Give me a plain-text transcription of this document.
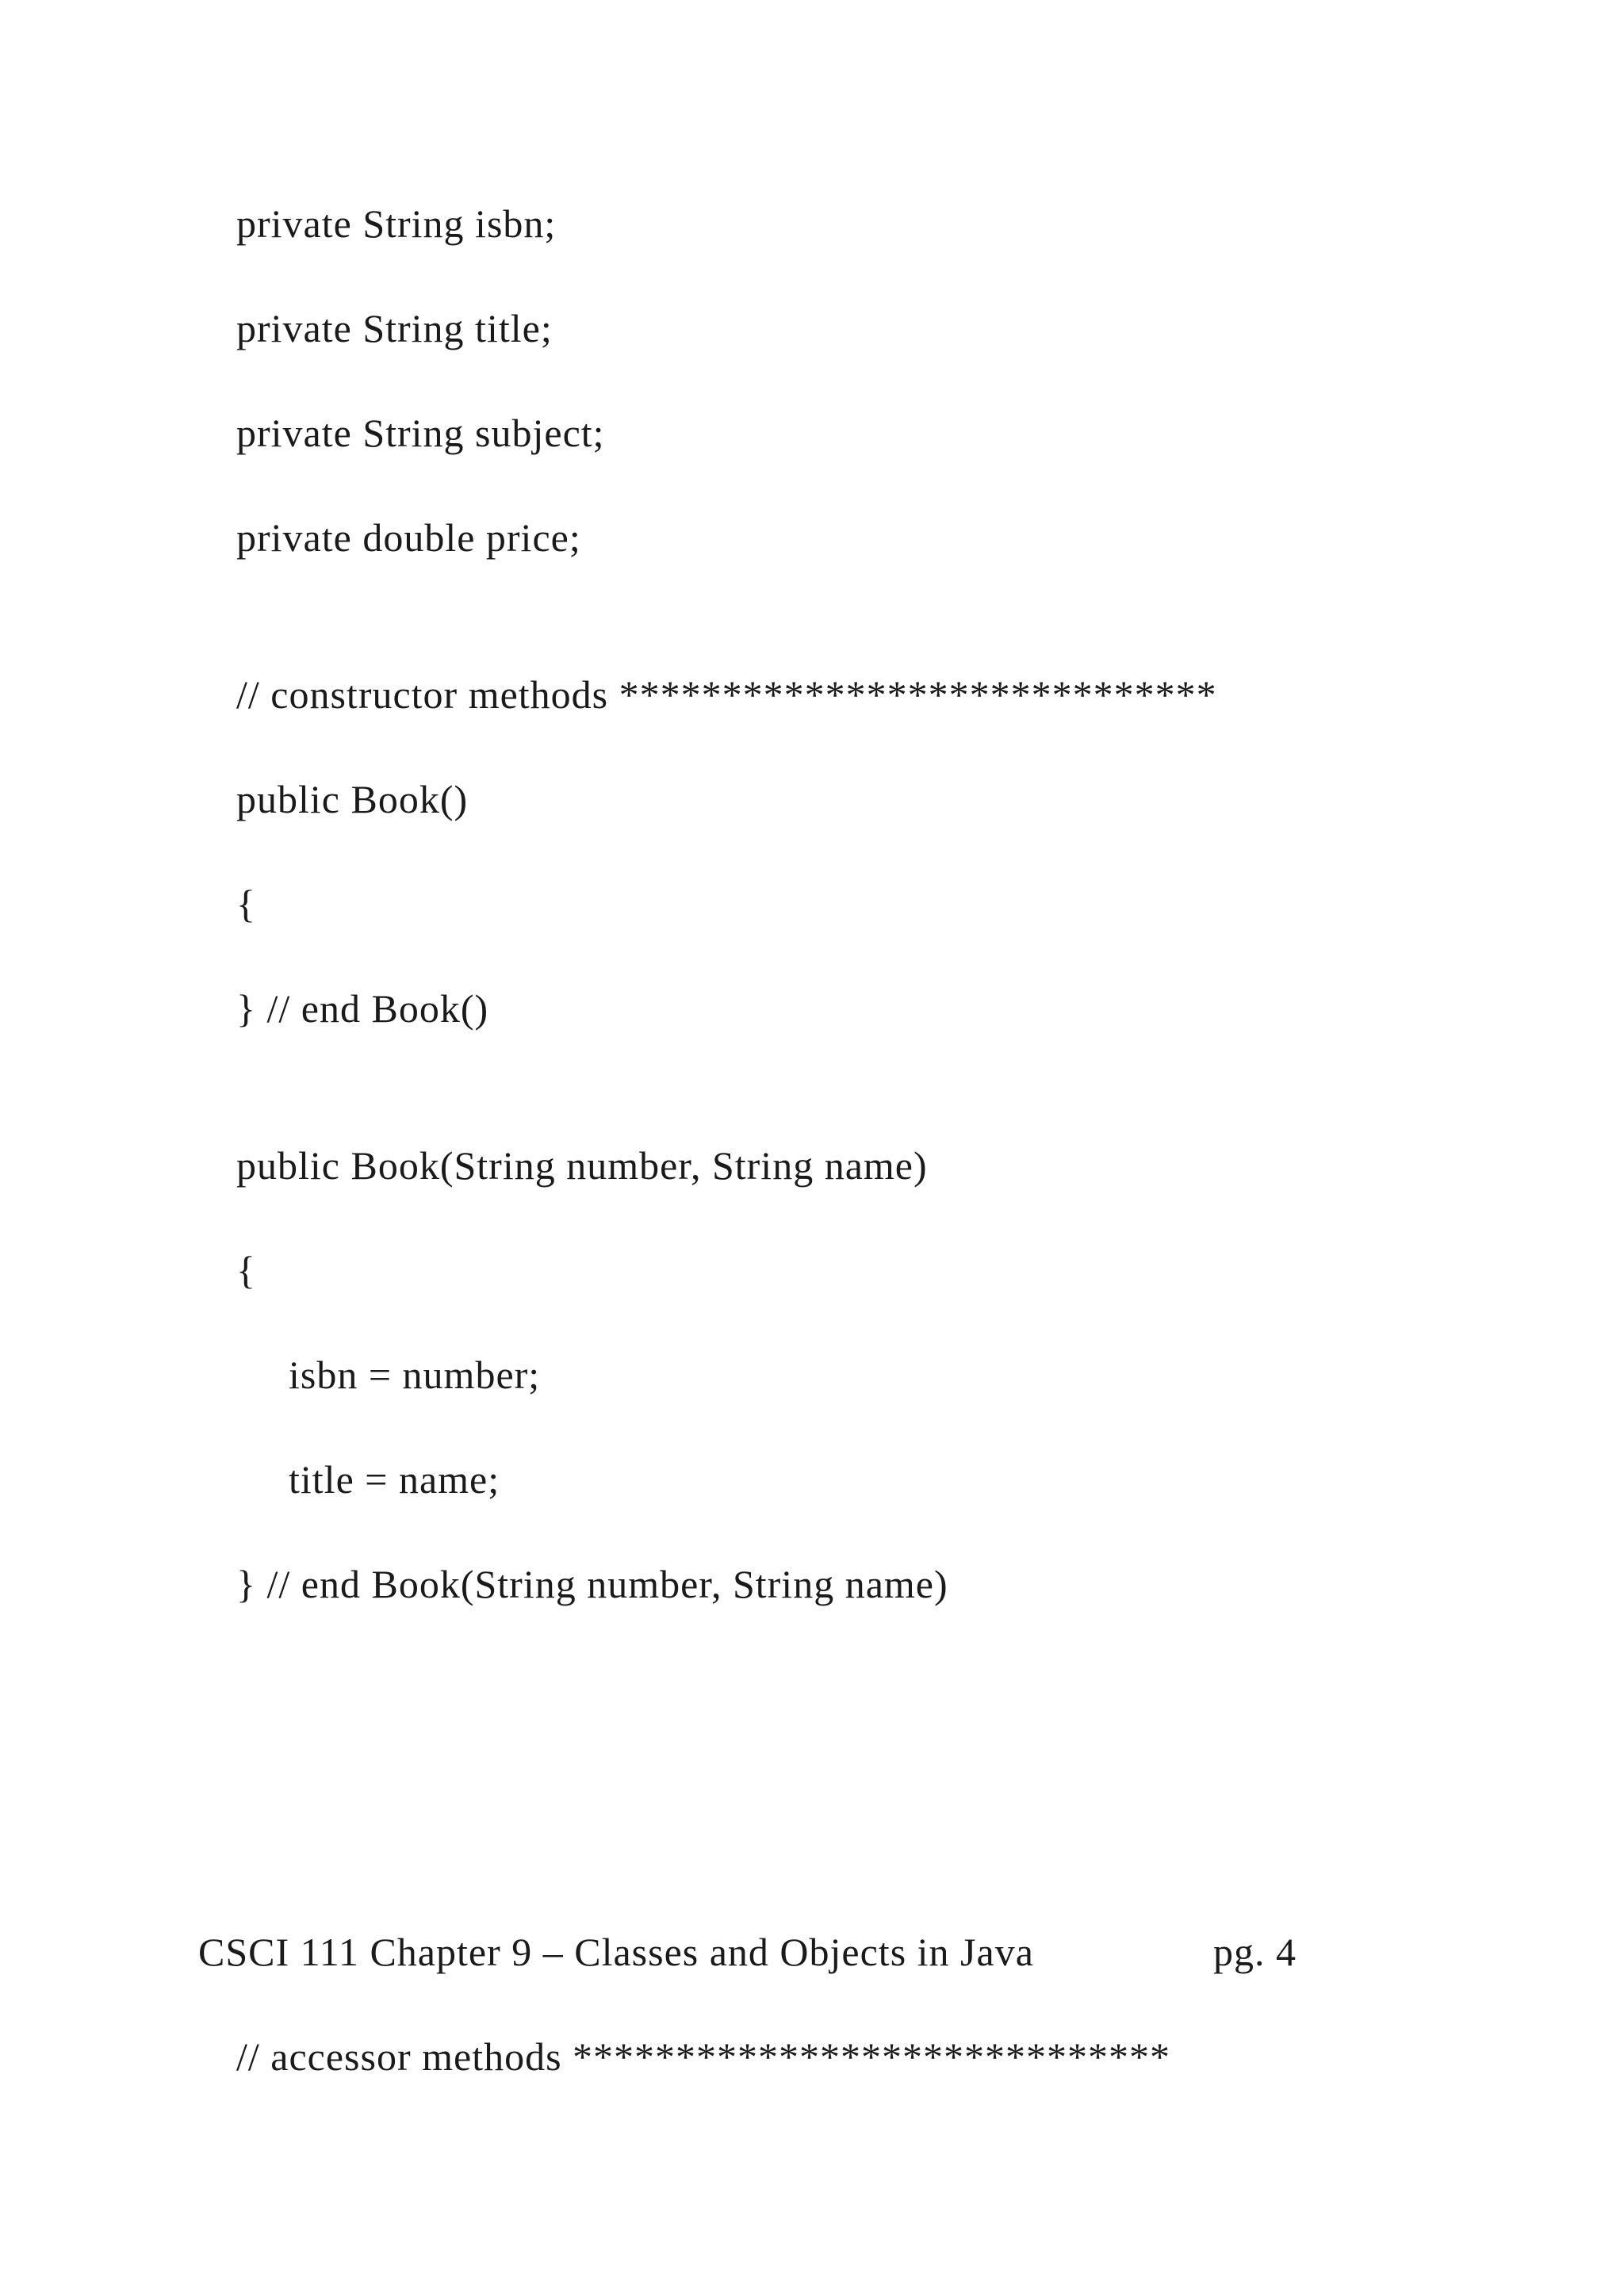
private String isbn;
private String title;
private String subject;
private double price;
// constructor methods *****************************
public Book()
{
} // end Book()
public Book(String number, String name)
{
isbn = number;
title = name;
} // end Book(String number, String name)
CSCI 111 Chapter 9 – Classes and Objects in Java	pg. 4
// accessor methods *****************************
